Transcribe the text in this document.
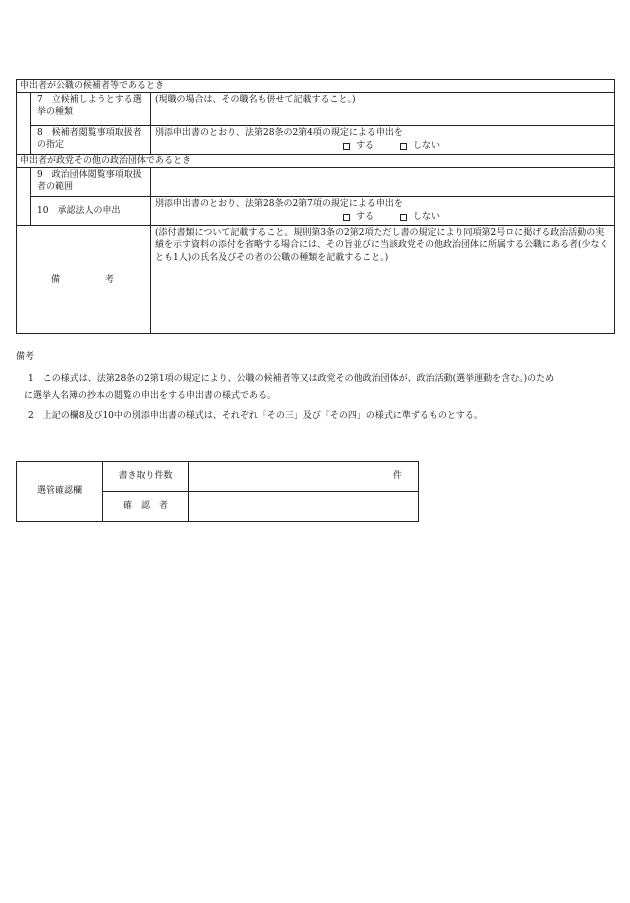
申出者が公職の候補者等であるとき		
	7　立候補しようとする選挙の種類	(現職の場合は、その職名も併せて記載すること。)
	8　候補者閲覧事項取扱者の指定	別添申出書のとおり、法第28条の2第4項の規定による申出を
する しない

申出者が政党その他の政治団体であるとき		
	9　政治団体閲覧事項取扱者の範囲	
	10　承認法人の申出	別添申出書のとおり、法第28条の2第7項の規定による申出を
する しない

備　考		(添付書類について記載すること。規則第3条の2第2項ただし書の規定により同項第2号ロに掲げる政治活動の実績を示す資料の添付を省略する場合には、その旨並びに当該政党その他政治団体に所属する公職にある者(少なくとも1人)の氏名及びその者の公職の種類を記載すること。)
備考
1　この様式は、法第28条の2第1項の規定により、公職の候補者等又は政党その他政治団体が、政治活動(選挙運動を含む。)のため
に選挙人名簿の抄本の閲覧の申出をする申出書の様式である。
2　上記の欄8及び10中の別添申出書の様式は、それぞれ「その三」及び「その四」の様式に準ずるものとする。
選管確認欄	書き取り件数	件
	確　認　者	
